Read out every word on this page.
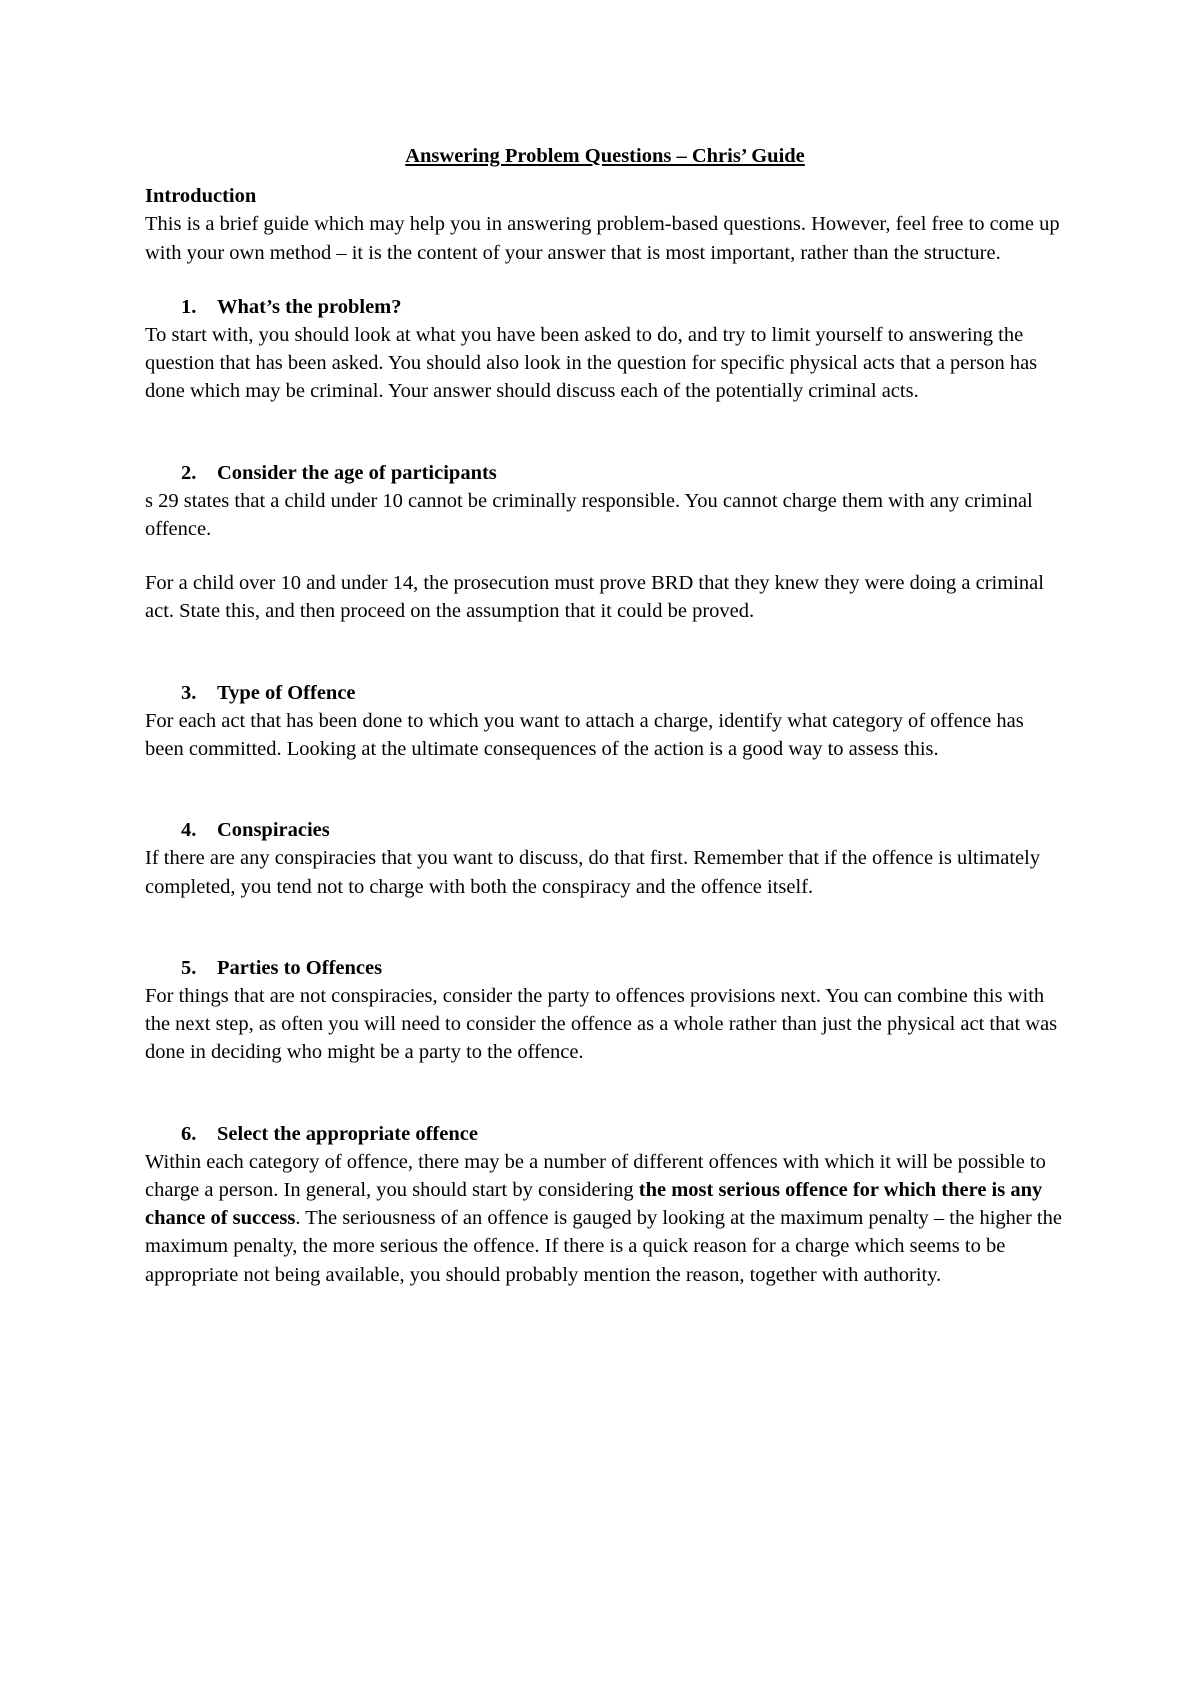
Answering Problem Questions – Chris’ Guide
Introduction

This is a brief guide which may help you in answering problem-based questions. However, feel free to come up with your own method – it is the content of your answer that is most important, rather than the structure.

1.	What’s the problem?

To start with, you should look at what you have been asked to do, and try to limit yourself to answering the question that has been asked. You should also look in the question for specific physical acts that a person has done which may be criminal. Your answer should discuss each of the potentially criminal acts.

2.	Consider the age of participants

s 29 states that a child under 10 cannot be criminally responsible. You cannot charge them with any criminal offence.

For a child over 10 and under 14, the prosecution must prove BRD that they knew they were doing a criminal act. State this, and then proceed on the assumption that it could be proved.

3.	Type of Offence

For each act that has been done to which you want to attach a charge, identify what category of offence has been committed. Looking at the ultimate consequences of the action is a good way to assess this.

4.	Conspiracies

If there are any conspiracies that you want to discuss, do that first. Remember that if the offence is ultimately completed, you tend not to charge with both the conspiracy and the offence itself.

5.	Parties to Offences

For things that are not conspiracies, consider the party to offences provisions next. You can combine this with the next step, as often you will need to consider the offence as a whole rather than just the physical act that was done in deciding who might be a party to the offence.

6.	Select the appropriate offence

Within each category of offence, there may be a number of different offences with which it will be possible to charge a person. In general, you should start by considering the most serious offence for which there is any chance of success. The seriousness of an offence is gauged by looking at the maximum penalty – the higher the maximum penalty, the more serious the offence. If there is a quick reason for a charge which seems to be appropriate not being available, you should probably mention the reason, together with authority.
